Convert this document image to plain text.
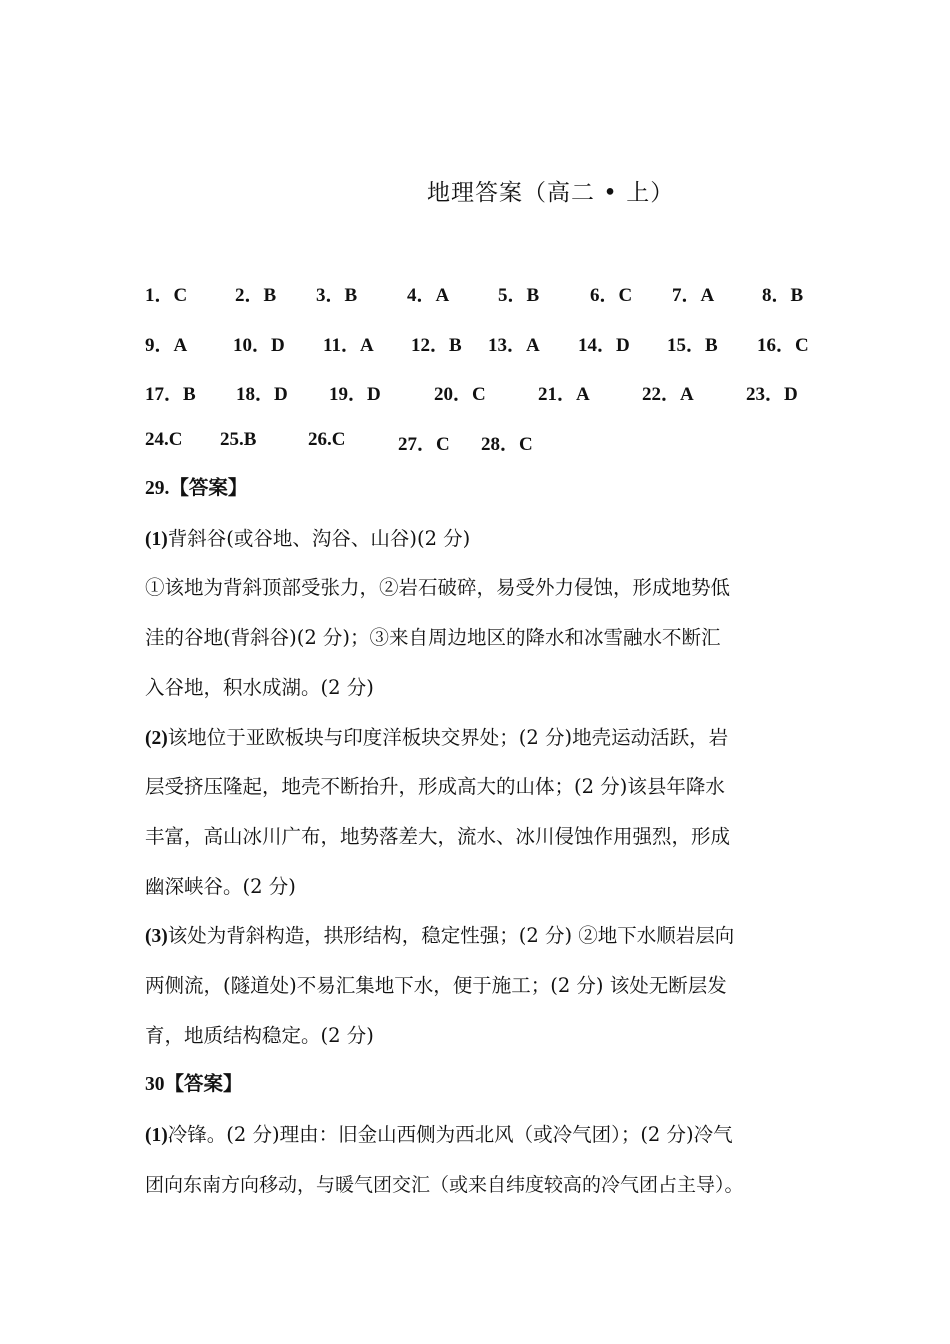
地理答案（高二 • 上）
1．C	2．B 3．B	4．A	5．B	6．C 7．A	8．B
9．A 10．D 11．A 12．B 13．A 14．D 15．B 16．C
17．B 18．D 19．D	20．C	21．A	22．A	23．D
24.C 25.B	26.C	27．C 28．C
29.【答案】
(1)背斜谷(或谷地、沟谷、山谷)(2 分)
①该地为背斜顶部受张力，②岩石破碎，易受外力侵蚀，形成地势低
洼的谷地(背斜谷)(2 分)；③来自周边地区的降水和冰雪融水不断汇
入谷地，积水成湖。(2 分)
(2)该地位于亚欧板块与印度洋板块交界处；(2 分)地壳运动活跃，岩
层受挤压隆起，地壳不断抬升，形成高大的山体；(2 分)该县年降水
丰富，高山冰川广布，地势落差大，流水、冰川侵蚀作用强烈，形成
幽深峡谷。(2 分)
(3)该处为背斜构造，拱形结构，稳定性强；(2 分) ②地下水顺岩层向
两侧流，(隧道处)不易汇集地下水，便于施工；(2 分) 该处无断层发
育，地质结构稳定。(2 分)
30【答案】
(1)冷锋。(2 分)理由：旧金山西侧为西北风（或冷气团）；(2 分)冷气
团向东南方向移动，与暖气团交汇（或来自纬度较高的冷气团占主导）。
